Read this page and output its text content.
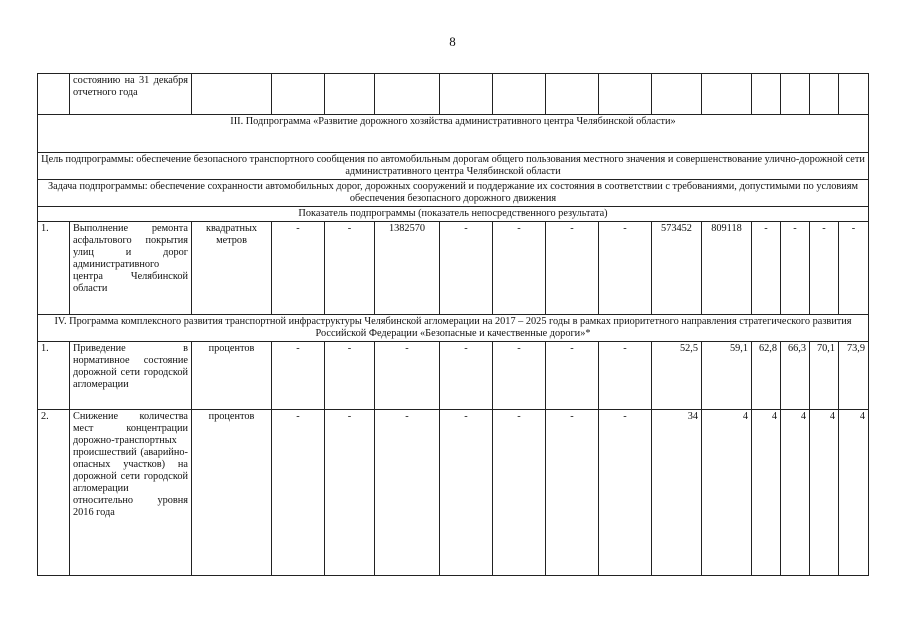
8
	состоянию на 31 декабря отчетного года														
III. Подпрограмма «Развитие дорожного хозяйства административного центра Челябинской области»															
Цель подпрограммы: обеспечение безопасного транспортного сообщения по автомобильным дорогам общего пользования местного значения и совершенствование улично-дорожной сети административного центра Челябинской области															
Задача подпрограммы: обеспечение сохранности автомобильных дорог, дорожных сооружений и поддержание их состояния в соответствии с требованиями, допустимыми по условиям обеспечения безопасного дорожного движения															
Показатель подпрограммы (показатель непосредственного результата)															
1.	Выполнение ремонта асфальтового покрытия улиц и дорог административного центра Челябинской области	квадратных метров	-	-	1382570	-	-	-	-	573452	809118	-	-	-	-
IV. Программа комплексного развития транспортной инфраструктуры Челябинской агломерации на 2017 – 2025 годы в рамках приоритетного направления стратегического развития Российской Федерации «Безопасные и качественные дороги»*															
1.	Приведение в нормативное состояние дорожной сети городской агломерации	процентов	-	-	-	-	-	-	-	52,5	59,1	62,8	66,3	70,1	73,9
2.	Снижение количества мест концентрации дорожно-транспортных происшествий (аварийно-опасных участков) на дорожной сети городской агломерации относительно уровня 2016 года	процентов	-	-	-	-	-	-	-	34	4	4	4	4	4
